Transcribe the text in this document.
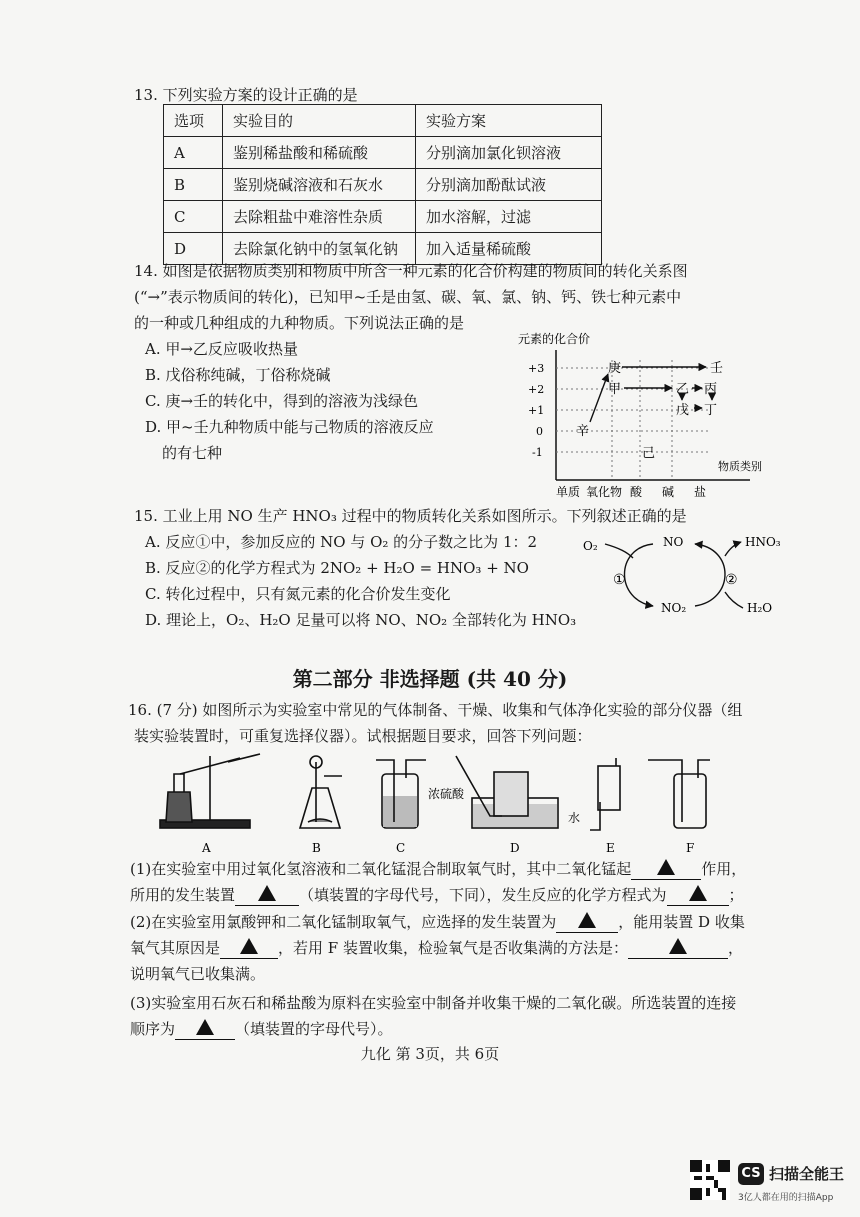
13. 下列实验方案的设计正确的是
选项	实验目的	实验方案
A	鉴别稀盐酸和稀硫酸	分别滴加氯化钡溶液
B	鉴别烧碱溶液和石灰水	分别滴加酚酞试液
C	去除粗盐中难溶性杂质	加水溶解，过滤
D	去除氯化钠中的氢氧化钠	加入适量稀硫酸
14. 如图是依据物质类别和物质中所含一种元素的化合价构建的物质间的转化关系图
(“→”表示物质间的转化)，已知甲~壬是由氢、碳、氧、氯、钠、钙、铁七种元素中
的一种或几种组成的九种物质。下列说法正确的是
A. 甲→乙反应吸收热量
B. 戊俗称纯碱，丁俗称烧碱
C. 庚→壬的转化中，得到的溶液为浅绿色
D. 甲~壬九种物质中能与己物质的溶液反应
的有七种
元素的化合价
+3
+2
+1
0
-1
物质类别
单质 氧化物 酸 碱 盐
庚	壬
甲	乙 丙
戊 丁
辛
己
15. 工业上用 NO 生产 HNO₃ 过程中的物质转化关系如图所示。下列叙述正确的是
A. 反应①中，参加反应的 NO 与 O₂ 的分子数之比为 1：2
B. 反应②的化学方程式为 2NO₂ + H₂O = HNO₃ + NO
C. 转化过程中，只有氮元素的化合价发生变化
D. 理论上，O₂、H₂O 足量可以将 NO、NO₂ 全部转化为 HNO₃
O₂	NO	HNO₃
NO₂	H₂O
①	②
第二部分 非选择题 (共 40 分)
16. (7 分) 如图所示为实验室中常见的气体制备、干燥、收集和气体净化实验的部分仪器（组
装实验装置时，可重复选择仪器）。试根据题目要求，回答下列问题：
浓硫酸
水
A	B	C	D	E	F
(1)在实验室中用过氧化氢溶液和二氧化锰混合制取氧气时，其中二氧化锰起	作用，
所用的发生装置	（填装置的字母代号，下同），发生反应的化学方程式为	；
(2)在实验室用氯酸钾和二氧化锰制取氧气，应选择的发生装置为	，能用装置 D 收集
氧气其原因是	，若用 F 装置收集，检验氧气是否收集满的方法是：	，
说明氧气已收集满。
(3)实验室用石灰石和稀盐酸为原料在实验室中制备并收集干燥的二氧化碳。所选装置的连接
顺序为	（填装置的字母代号）。
九化 第 3页，共 6页
CS 扫描全能王
3亿人都在用的扫描App
